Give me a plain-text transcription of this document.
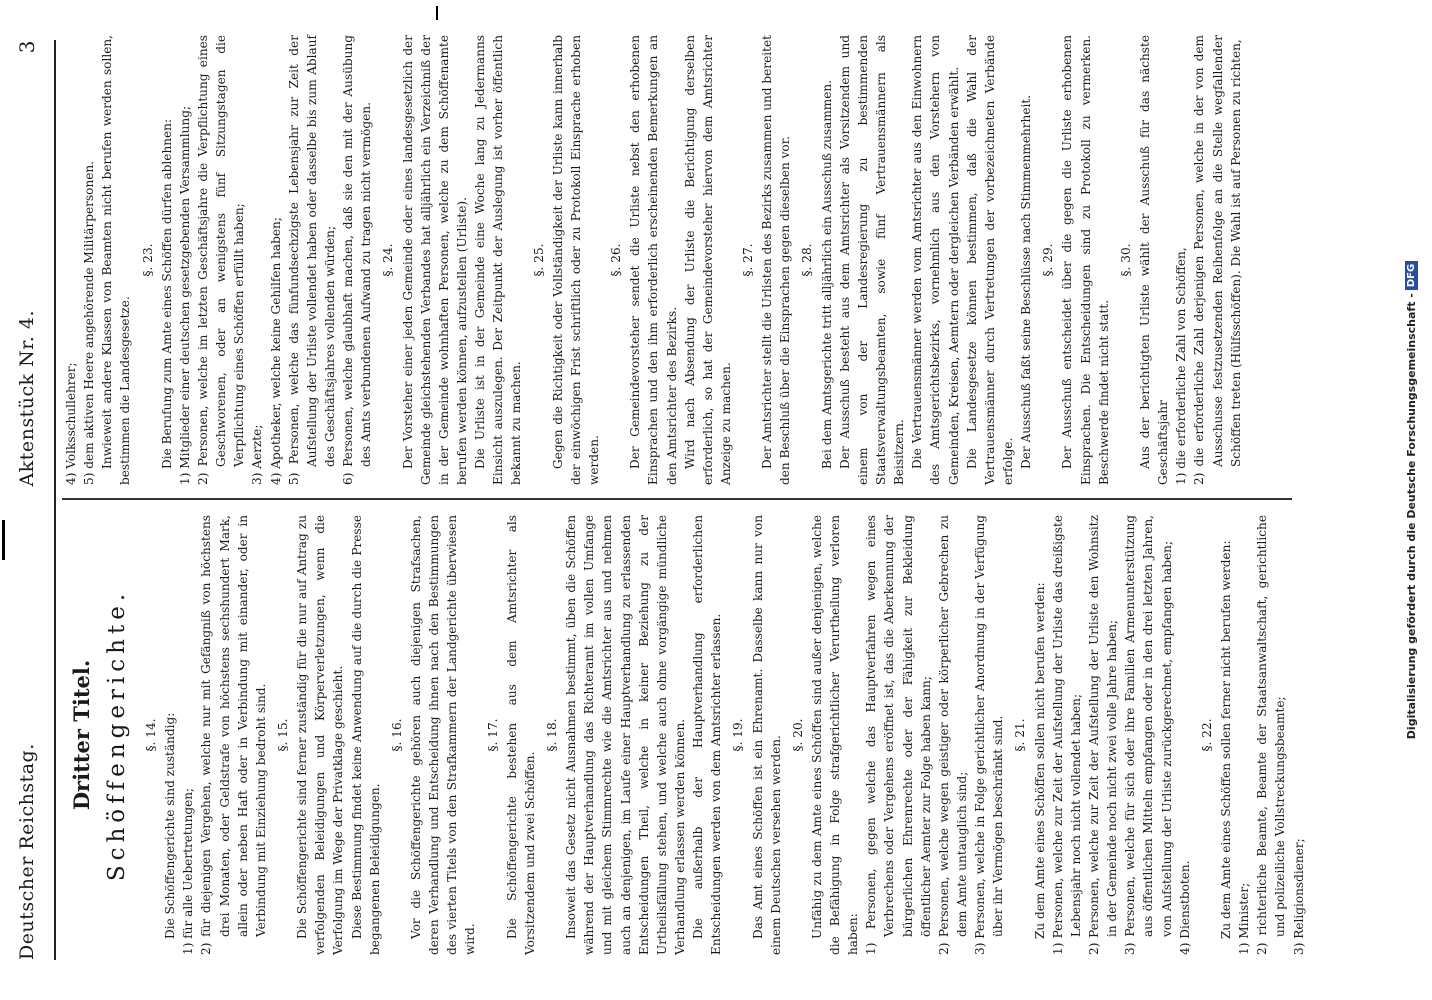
Deutscher Reichstag.
Aktenstück Nr. 4.
3
Dritter Titel. Schöffengerichte.	§. 14. Die Schöffengerichte sind zuständig: 1) für alle Uebertretungen; 2) für diejenigen Vergehen, welche nur mit Gefängniß von höchstens drei Monaten, oder Geldstrafe von höchstens sechshundert Mark, allein oder neben Haft oder in Verbindung mit einander, oder in Verbindung mit Einziehung bedroht sind. §. 15. Die Schöffengerichte sind ferner zuständig für die nur auf Antrag zu verfolgenden Beleidigungen und Körperverletzungen, wenn die Verfolgung im Wege der Privatklage geschieht. Diese Bestimmung findet keine Anwendung auf die durch die Presse begangenen Beleidigungen.
§. 16. Vor die Schöffengerichte gehören auch diejenigen Strafsachen, deren Verhandlung und Entscheidung ihnen nach den Bestimmungen des vierten Titels von den Strafkammern der Landgerichte überwiesen wird.
§. 17. Die Schöffengerichte bestehen aus dem Amtsrichter als Vorsitzendem und zwei Schöffen.
§. 18. Insoweit das Gesetz nicht Ausnahmen bestimmt, üben die Schöffen während der Hauptverhandlung das Richteramt im vollen Umfange und mit gleichem Stimmrechte wie die Amtsrichter aus und nehmen auch an denjenigen, im Laufe einer Hauptverhandlung zu erlassenden Entscheidungen Theil, welche in keiner Beziehung zu der Urtheilsfällung stehen, und welche auch ohne vorgängige mündliche Verhandlung erlassen werden können. Die außerhalb der Hauptverhandlung erforderlichen Entscheidungen werden von dem Amtsrichter erlassen. §. 19. Das Amt eines Schöffen ist ein Ehrenamt. Dasselbe kann nur von einem Deutschen versehen werden.
§. 20. Unfähig zu dem Amte eines Schöffen sind außer denjenigen, welche die Befähigung in Folge strafgerichtlicher Verurtheilung verloren haben: 1) Personen, gegen welche das Hauptverfahren wegen eines Verbrechens oder Vergehens eröffnet ist, das die Aberkennung der bürgerlichen Ehrenrechte oder der Fähigkeit zur Bekleidung öffentlicher Aemter zur Folge haben kann; 2) Personen, welche wegen geistiger oder körperlicher Gebrechen zu dem Amte untauglich sind; 3) Personen, welche in Folge gerichtlicher Anordnung in der Verfügung über ihr Vermögen beschränkt sind. §. 21. Zu dem Amte eines Schöffen sollen nicht berufen werden: 1) Personen, welche zur Zeit der Aufstellung der Urliste das dreißigste Lebensjahr noch nicht vollendet haben; 2) Personen, welche zur Zeit der Aufstellung der Urliste den Wohnsitz in der Gemeinde noch nicht zwei volle Jahre haben; 3) Personen, welche für sich oder ihre Familien Armenunterstützung aus öffentlichen Mitteln empfangen oder in den drei letzten Jahren, von Aufstellung der Urliste zurückgerechnet, empfangen haben; 4) Dienstboten.
§. 22. Zu dem Amte eines Schöffen sollen ferner nicht berufen werden: 1) Minister; 2) richterliche Beamte, Beamte der Staatsanwaltschaft, gerichtliche und polizeiliche Vollstreckungsbeamte; 3) Religionsdiener;
4) Volksschullehrer; 5) dem aktiven Heere angehörende Militärpersonen. Inwieweit andere Klassen von Beamten nicht berufen werden sollen, bestimmen die Landesgesetze.
§. 23. Die Berufung zum Amte eines Schöffen dürfen ablehnen: 1) Mitglieder einer deutschen gesetzgebenden Versammlung; 2) Personen, welche im letzten Geschäftsjahre die Verpflichtung eines Geschworenen, oder an wenigstens fünf Sitzungstagen die Verpflichtung eines Schöffen erfüllt haben; 3) Aerzte; 4) Apotheker, welche keine Gehilfen haben; 5) Personen, welche das fünfundsechzigste Lebensjahr zur Zeit der Aufstellung der Urliste vollendet haben oder dasselbe bis zum Ablauf des Geschäftsjahres vollenden würden; 6) Personen, welche glaubhaft machen, daß sie den mit der Ausübung des Amts verbundenen Aufwand zu tragen nicht vermögen. §. 24. Der Vorsteher einer jeden Gemeinde oder eines landesgesetzlich der Gemeinde gleichstehenden Verbandes hat alljährlich ein Verzeichniß der in der Gemeinde wohnhaften Personen, welche zu dem Schöffenamte berufen werden können, aufzustellen (Urliste). Die Urliste ist in der Gemeinde eine Woche lang zu Jedermanns Einsicht auszulegen. Der Zeitpunkt der Auslegung ist vorher öffentlich bekannt zu machen.
§. 25. Gegen die Richtigkeit oder Vollständigkeit der Urliste kann innerhalb der einwöchigen Frist schriftlich oder zu Protokoll Einsprache erhoben werden.
§. 26. Der Gemeindevorsteher sendet die Urliste nebst den erhobenen Einsprachen und den ihm erforderlich erscheinenden Bemerkungen an den Amtsrichter des Bezirks. Wird nach Absendung der Urliste die Berichtigung derselben erforderlich, so hat der Gemeindevorsteher hiervon dem Amtsrichter Anzeige zu machen.
§. 27. Der Amtsrichter stellt die Urlisten des Bezirks zusammen und bereitet den Beschluß über die Einsprachen gegen dieselben vor. §. 28. Bei dem Amtsgerichte tritt alljährlich ein Ausschuß zusammen. Der Ausschuß besteht aus dem Amtsrichter als Vorsitzendem und einem von der Landesregierung zu bestimmenden Staatsverwaltungsbeamten, sowie fünf Vertrauensmännern als Beisitzern. Die Vertrauensmänner werden vom Amtsrichter aus den Einwohnern des Amtsgerichtsbezirks, vornehmlich aus den Vorstehern von Gemeinden, Kreisen, Aemtern oder dergleichen Verbänden erwählt. Die Landesgesetze können bestimmen, daß die Wahl der Vertrauensmänner durch Vertretungen der vorbezeichneten Verbände erfolge. Der Ausschuß faßt seine Beschlüsse nach Stimmenmehrheit. §. 29. Der Ausschuß entscheidet über die gegen die Urliste erhobenen Einsprachen. Die Entscheidungen sind zu Protokoll zu vermerken. Beschwerde findet nicht statt.
§. 30. Aus der berichtigten Urliste wählt der Ausschuß für das nächste Geschäftsjahr 1) die erforderliche Zahl von Schöffen, 2) die erforderliche Zahl derjenigen Personen, welche in der von dem Ausschusse festzusetzenden Reihenfolge an die Stelle wegfallender Schöffen treten (Hülfsschöffen). Die Wahl ist auf Personen zu richten,
Digitalisierung gefördert durch die Deutsche Forschungsgemeinschaft -
DFG
